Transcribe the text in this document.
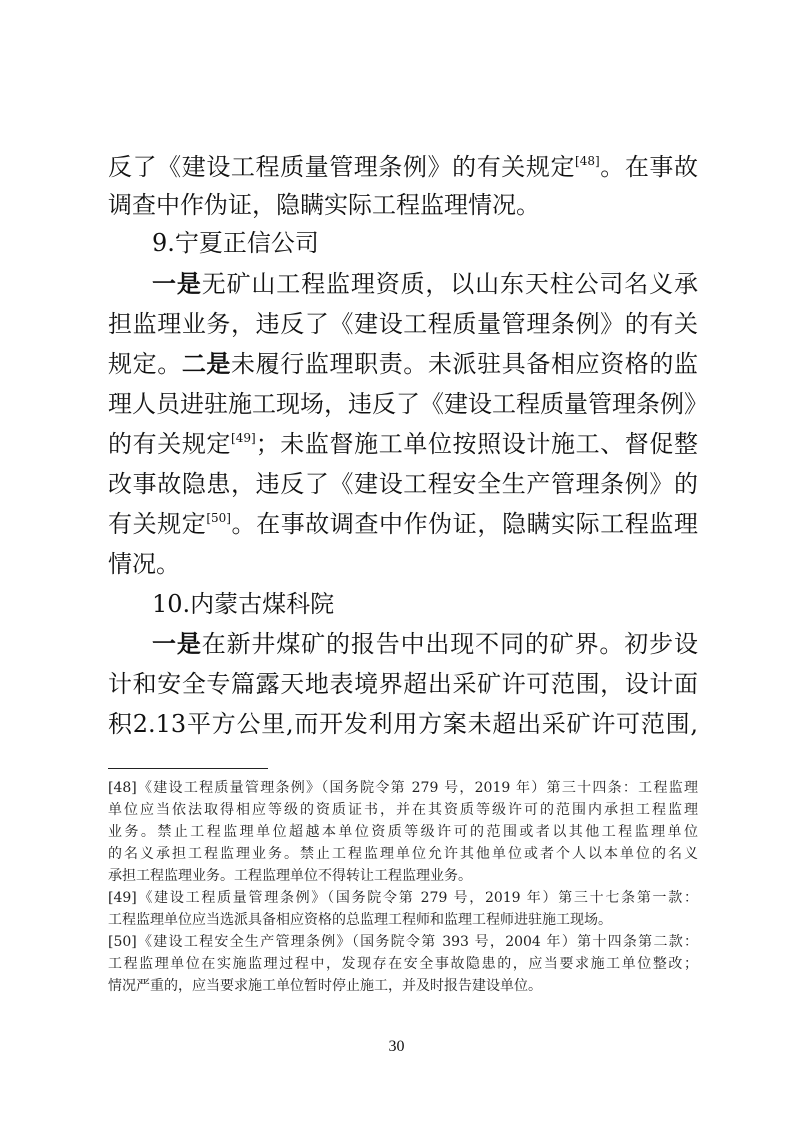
反了《建设工程质量管理条例》的有关规定[48]。在事故
调查中作伪证，隐瞒实际工程监理情况。
9.宁夏正信公司
一是无矿山工程监理资质，以山东天柱公司名义承
担监理业务，违反了《建设工程质量管理条例》的有关
规定。二是未履行监理职责。未派驻具备相应资格的监
理人员进驻施工现场，违反了《建设工程质量管理条例》
的有关规定[49]；未监督施工单位按照设计施工、督促整
改事故隐患，违反了《建设工程安全生产管理条例》的
有关规定[50]。在事故调查中作伪证，隐瞒实际工程监理
情况。
10.内蒙古煤科院
一是在新井煤矿的报告中出现不同的矿界。初步设
计和安全专篇露天地表境界超出采矿许可范围，设计面
积2.13平方公里,而开发利用方案未超出采矿许可范围,
[48]《建设工程质量管理条例》（国务院令第 279 号，2019 年）第三十四条：工程监理
单位应当依法取得相应等级的资质证书，并在其资质等级许可的范围内承担工程监理
业务。禁止工程监理单位超越本单位资质等级许可的范围或者以其他工程监理单位
的名义承担工程监理业务。禁止工程监理单位允许其他单位或者个人以本单位的名义
承担工程监理业务。工程监理单位不得转让工程监理业务。
[49]《建设工程质量管理条例》（国务院令第 279 号，2019 年）第三十七条第一款：
工程监理单位应当选派具备相应资格的总监理工程师和监理工程师进驻施工现场。
[50]《建设工程安全生产管理条例》（国务院令第 393 号，2004 年）第十四条第二款：
工程监理单位在实施监理过程中，发现存在安全事故隐患的，应当要求施工单位整改；
情况严重的，应当要求施工单位暂时停止施工，并及时报告建设单位。
30
